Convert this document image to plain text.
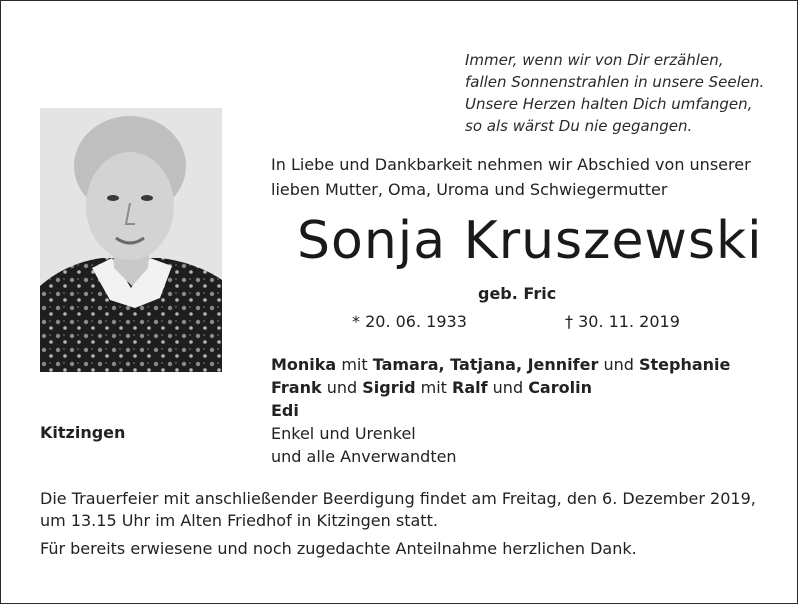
Immer, wenn wir von Dir erzählen,
fallen Sonnenstrahlen in unsere Seelen.
Unsere Herzen halten Dich umfangen,
so als wärst Du nie gegangen.
In Liebe und Dankbarkeit nehmen wir Abschied von unserer
lieben Mutter, Oma, Uroma und Schwiegermutter
Sonja Kruszewski
geb. Fric
* 20. 06. 1933	† 30. 11. 2019
Monika mit Tamara, Tatjana, Jennifer und Stephanie
Frank und Sigrid mit Ralf und Carolin
Edi
Enkel und Urenkel
und alle Anverwandten
Kitzingen
Die Trauerfeier mit anschließender Beerdigung findet am Freitag, den 6. Dezember 2019,
um 13.15 Uhr im Alten Friedhof in Kitzingen statt.
Für bereits erwiesene und noch zugedachte Anteilnahme herzlichen Dank.
